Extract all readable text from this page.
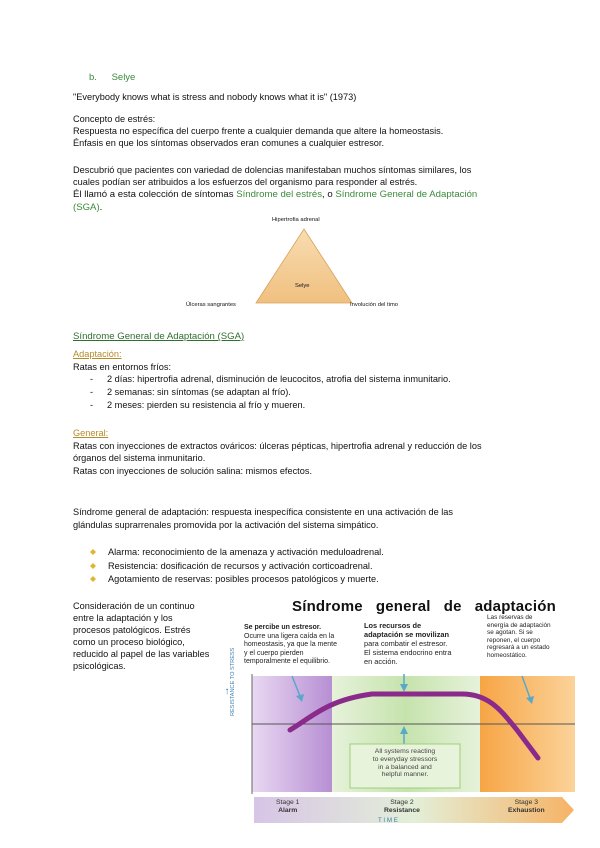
b. Selye
"Everybody knows what is stress and nobody knows what it is" (1973)
Concepto de estrés:
Respuesta no específica del cuerpo frente a cualquier demanda que altere la homeostasis.
Énfasis en que los síntomas observados eran comunes a cualquier estresor.
Descubrió que pacientes con variedad de dolencias manifestaban muchos síntomas similares, los
cuales podían ser atribuidos a los esfuerzos del organismo para responder al estrés.
Él llamó a esta colección de síntomas Síndrome del estrés, o Síndrome General de Adaptación
(SGA).
Hipertrofia adrenal
Selye
Úlceras sangrantes	Involución del timo
Síndrome General de Adaptación (SGA)
Adaptación:
Ratas en entornos fríos:
- 2 días: hipertrofia adrenal, disminución de leucocitos, atrofia del sistema inmunitario.
- 2 semanas: sin síntomas (se adaptan al frío).
- 2 meses: pierden su resistencia al frío y mueren.
General:
Ratas con inyecciones de extractos ováricos: úlceras pépticas, hipertrofia adrenal y reducción de los
órganos del sistema inmunitario.
Ratas con inyecciones de solución salina: mismos efectos.
Síndrome general de adaptación: respuesta inespecífica consistente en una activación de las
glándulas suprarrenales promovida por la activación del sistema simpático.
Alarma: reconocimiento de la amenaza y activación meduloadrenal.
Resistencia: dosificación de recursos y activación corticoadrenal.
Agotamiento de reservas: posibles procesos patológicos y muerte.
Consideración de un continuo
entre la adaptación y los
procesos patológicos. Estrés
como un proceso biológico,
reducido al papel de las variables
psicológicas.
Síndrome   general   de   adaptación
Se percibe un estresor.
Ocurre una ligera caída en la
homeostasis, ya que la mente
y el cuerpo pierden
temporalmente el equilibrio.
Los recursos de
adaptación se movilizan
para combatir el estresor.
El sistema endocrino entra
en acción.
Las reservas de
energía de adaptación
se agotan. Si se
reponen, el cuerpo
regresará a un estado
homeostático.
RESISTANCE TO STRESS
↑
All systems reacting
to everyday stressors
in a balanced and
helpful manner.
Stage 1
Alarm
Stage 2
Resistance
Stage 3
Exhaustion
T I M E
